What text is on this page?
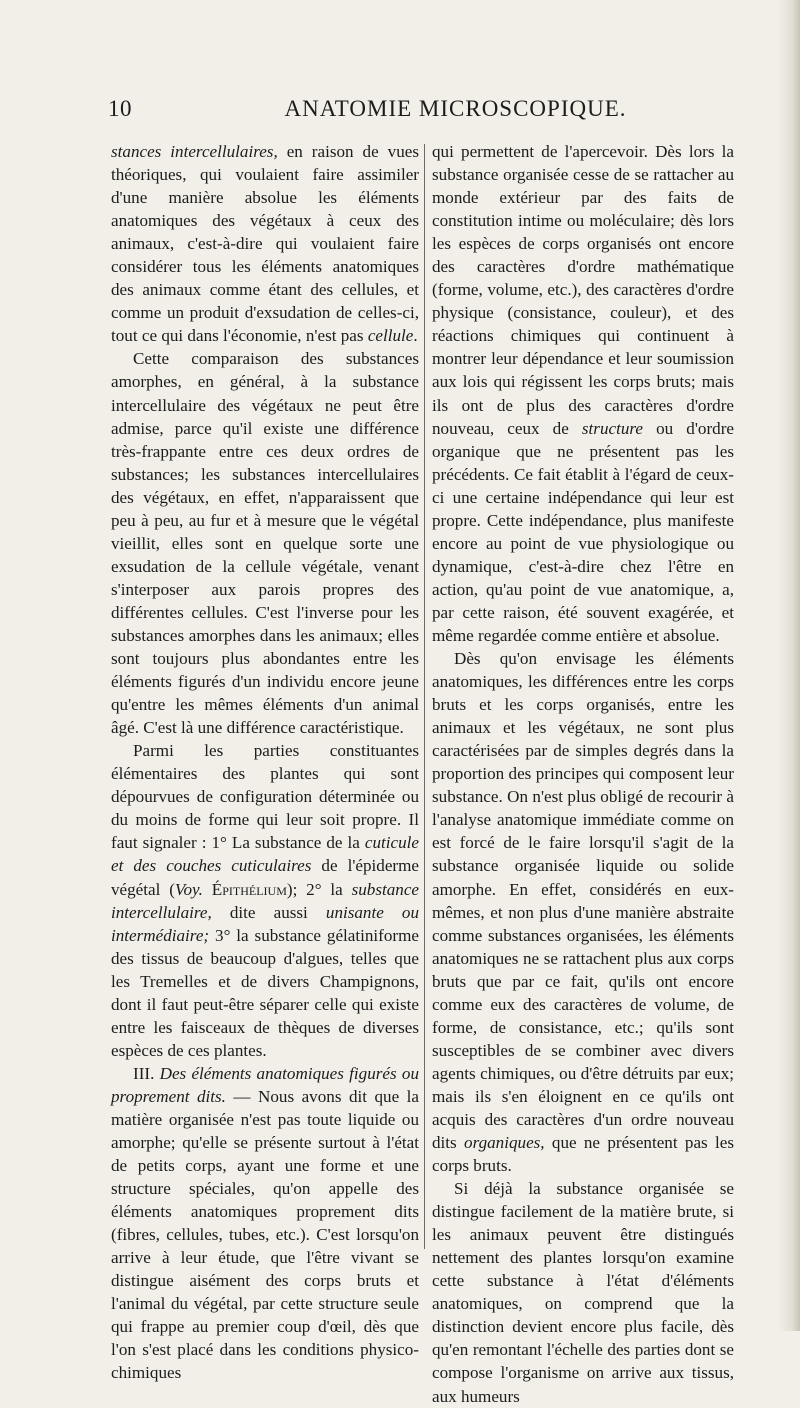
10	ANATOMIE MICROSCOPIQUE.

stances intercellulaires, en raison de vues théoriques, qui voulaient faire assimiler d'une manière absolue les éléments anatomiques des végétaux à ceux des animaux, c'est-à-dire qui voulaient faire considérer tous les éléments anatomiques des animaux comme étant des cellules, et comme un produit d'exsudation de celles-ci, tout ce qui dans l'économie, n'est pas cellule.

Cette comparaison des substances amorphes, en général, à la substance intercellulaire des végétaux ne peut être admise, parce qu'il existe une différence très-frappante entre ces deux ordres de substances; les substances intercellulaires des végétaux, en effet, n'apparaissent que peu à peu, au fur et à mesure que le végétal vieillit, elles sont en quelque sorte une exsudation de la cellule végétale, venant s'interposer aux parois propres des différentes cellules. C'est l'inverse pour les substances amorphes dans les animaux; elles sont toujours plus abondantes entre les éléments figurés d'un individu encore jeune qu'entre les mêmes éléments d'un animal âgé. C'est là une différence caractéristique.

Parmi les parties constituantes élémentaires des plantes qui sont dépourvues de configuration déterminée ou du moins de forme qui leur soit propre. Il faut signaler : 1° La substance de la cuticule et des couches cuticulaires de l'épiderme végétal (Voy. Épithélium); 2° la substance intercellulaire, dite aussi unisante ou intermédiaire; 3° la substance gélatiniforme des tissus de beaucoup d'algues, telles que les Tremelles et de divers Champignons, dont il faut peut-être séparer celle qui existe entre les faisceaux de thèques de diverses espèces de ces plantes.

III. Des éléments anatomiques figurés ou proprement dits. — Nous avons dit que la matière organisée n'est pas toute liquide ou amorphe; qu'elle se présente surtout à l'état de petits corps, ayant une forme et une structure spéciales, qu'on appelle des éléments anatomiques proprement dits (fibres, cellules, tubes, etc.). C'est lorsqu'on arrive à leur étude, que l'être vivant se distingue aisément des corps bruts et l'animal du végétal, par cette structure seule qui frappe au premier coup d'œil, dès que l'on s'est placé dans les conditions physico-chimiques

qui permettent de l'apercevoir. Dès lors la substance organisée cesse de se rattacher au monde extérieur par des faits de constitution intime ou moléculaire; dès lors les espèces de corps organisés ont encore des caractères d'ordre mathématique (forme, volume, etc.), des caractères d'ordre physique (consistance, couleur), et des réactions chimiques qui continuent à montrer leur dépendance et leur soumission aux lois qui régissent les corps bruts; mais ils ont de plus des caractères d'ordre nouveau, ceux de structure ou d'ordre organique que ne présentent pas les précédents. Ce fait établit à l'égard de ceux-ci une certaine indépendance qui leur est propre. Cette indépendance, plus manifeste encore au point de vue physiologique ou dynamique, c'est-à-dire chez l'être en action, qu'au point de vue anatomique, a, par cette raison, été souvent exagérée, et même regardée comme entière et absolue.

Dès qu'on envisage les éléments anatomiques, les différences entre les corps bruts et les corps organisés, entre les animaux et les végétaux, ne sont plus caractérisées par de simples degrés dans la proportion des principes qui composent leur substance. On n'est plus obligé de recourir à l'analyse anatomique immédiate comme on est forcé de le faire lorsqu'il s'agit de la substance organisée liquide ou solide amorphe. En effet, considérés en eux-mêmes, et non plus d'une manière abstraite comme substances organisées, les éléments anatomiques ne se rattachent plus aux corps bruts que par ce fait, qu'ils ont encore comme eux des caractères de volume, de forme, de consistance, etc.; qu'ils sont susceptibles de se combiner avec divers agents chimiques, ou d'être détruits par eux; mais ils s'en éloignent en ce qu'ils ont acquis des caractères d'un ordre nouveau dits organiques, que ne présentent pas les corps bruts.

Si déjà la substance organisée se distingue facilement de la matière brute, si les animaux peuvent être distingués nettement des plantes lorsqu'on examine cette substance à l'état d'éléments anatomiques, on comprend que la distinction devient encore plus facile, dès qu'en remontant l'échelle des parties dont se compose l'organisme on arrive aux tissus, aux humeurs
